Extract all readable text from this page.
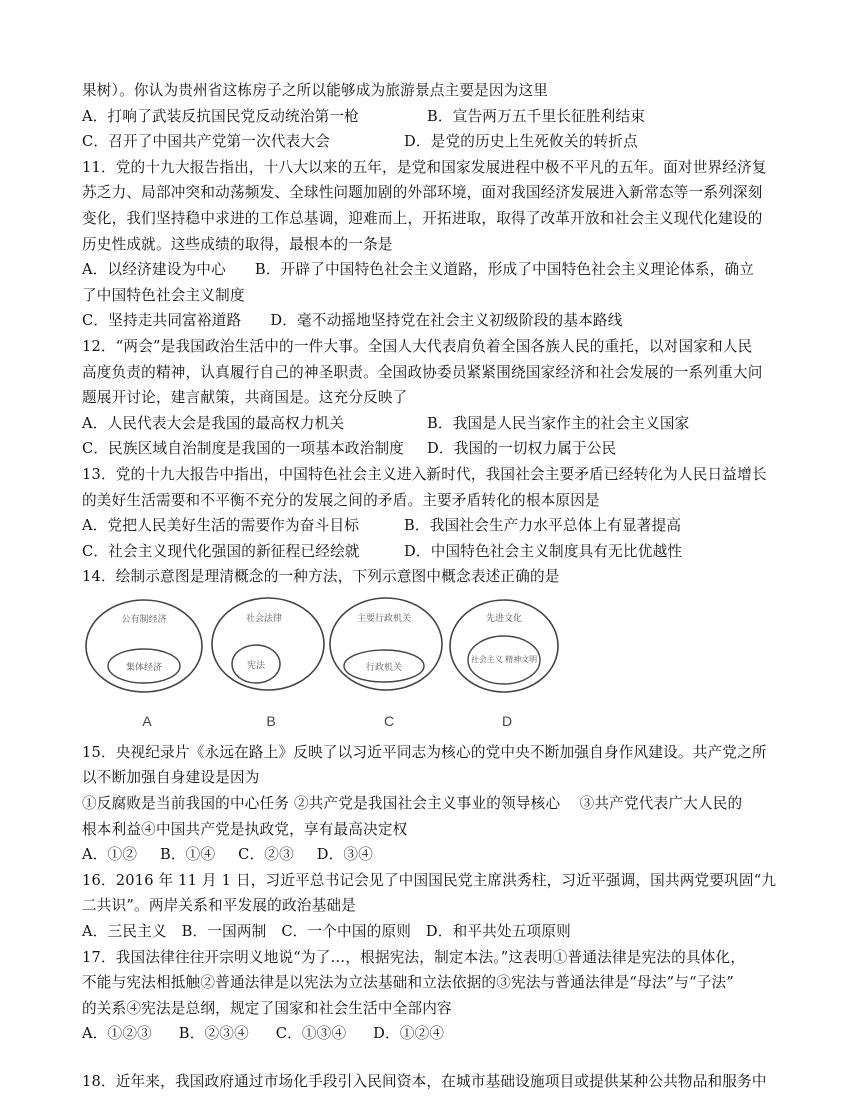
果树）。你认为贵州省这栋房子之所以能够成为旅游景点主要是因为这里
A．打响了武装反抗国民党反动统治第一枪	B．宣告两万五千里长征胜利结束
C．召开了中国共产党第一次代表大会	D．是党的历史上生死攸关的转折点
11．党的十九大报告指出，十八大以来的五年，是党和国家发展进程中极不平凡的五年。面对世界经济复
苏乏力、局部冲突和动荡频发、全球性问题加剧的外部环境，面对我国经济发展进入新常态等一系列深刻
变化，我们坚持稳中求进的工作总基调，迎难而上，开拓进取，取得了改革开放和社会主义现代化建设的
历史性成就。这些成绩的取得，最根本的一条是
A．以经济建设为中心      B．开辟了中国特色社会主义道路，形成了中国特色社会主义理论体系，确立
了中国特色社会主义制度
C．坚持走共同富裕道路      D．毫不动摇地坚持党在社会主义初级阶段的基本路线
12．“两会”是我国政治生活中的一件大事。全国人大代表肩负着全国各族人民的重托，以对国家和人民
高度负责的精神，认真履行自己的神圣职责。全国政协委员紧紧围绕国家经济和社会发展的一系列重大问
题展开讨论，建言献策，共商国是。这充分反映了
A．人民代表大会是我国的最高权力机关	B．我国是人民当家作主的社会主义国家
C．民族区域自治制度是我国的一项基本政治制度	D．我国的一切权力属于公民
13．党的十九大报告中指出，中国特色社会主义进入新时代，我国社会主要矛盾已经转化为人民日益增长
的美好生活需要和不平衡不充分的发展之间的矛盾。主要矛盾转化的根本原因是
A．党把人民美好生活的需要作为奋斗目标	B．我国社会生产力水平总体上有显著提高
C．社会主义现代化强国的新征程已经绘就	D．中国特色社会主义制度具有无比优越性
14．绘制示意图是理清概念的一种方法，下列示意图中概念表述正确的是
公有制经济
集体经济
A
社会法律
宪法
B
主要行政机关
行政机关
C
先进文化
社会主义 精神文明
D
15．央视纪录片《永远在路上》反映了以习近平同志为核心的党中央不断加强自身作风建设。共产党之所
以不断加强自身建设是因为
①反腐败是当前我国的中心任务 ②共产党是我国社会主义事业的领导核心    ③共产党代表广大人民的
根本利益④中国共产党是执政党，享有最高决定权
A．①② B．①④ C．②③ D．③④
16．2016 年 11 月 1 日，习近平总书记会见了中国国民党主席洪秀柱，习近平强调，国共两党要巩固“九
二共识”。两岸关系和平发展的政治基础是
A．三民主义 B．一国两制 C．一个中国的原则 D．和平共处五项原则
17．我国法律往往开宗明义地说“为了…，根据宪法，制定本法。”这表明①普通法律是宪法的具体化，
不能与宪法相抵触②普通法律是以宪法为立法基础和立法依据的③宪法与普通法律是“母法”与“子法”
的关系④宪法是总纲，规定了国家和社会生活中全部内容
A．①②③ B．②③④ C．①③④ D．①②④
18．近年来，我国政府通过市场化手段引入民间资本，在城市基础设施项目或提供某种公共物品和服务中
